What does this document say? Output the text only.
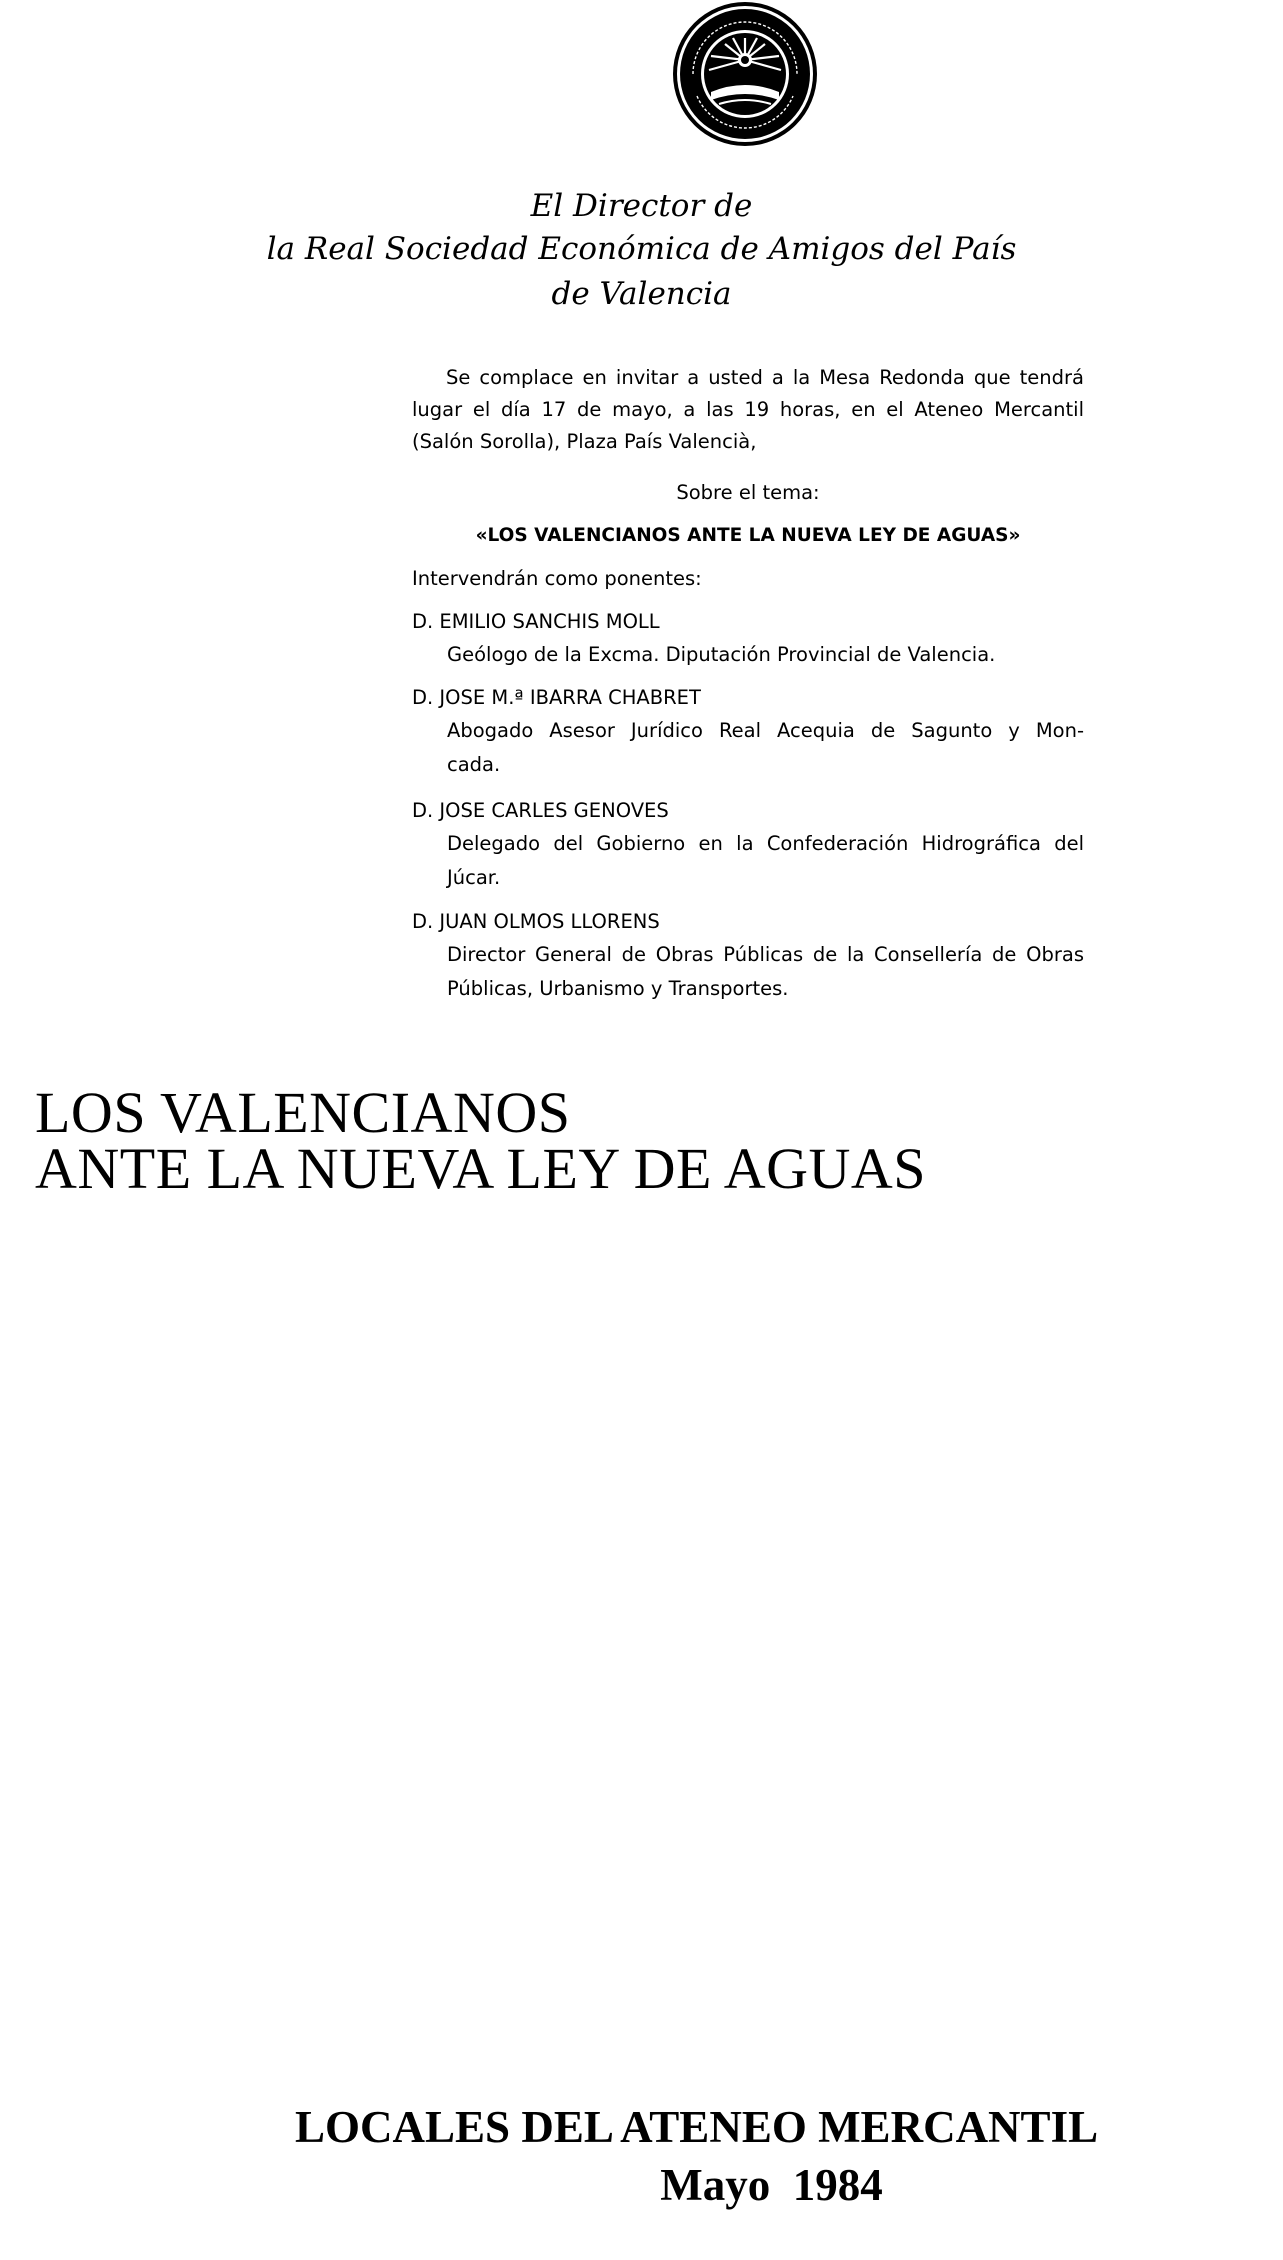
El Director de
la Real Sociedad Económica de Amigos del País
de Valencia
Se complace en invitar a usted a la Mesa Redonda que tendrá
lugar el día 17 de mayo, a las 19 horas, en el Ateneo Mercantil
(Salón Sorolla), Plaza País Valencià,
Sobre el tema:
«LOS VALENCIANOS ANTE LA NUEVA LEY DE AGUAS»
Intervendrán como ponentes:
D. EMILIO SANCHIS MOLL
Geólogo de la Excma. Diputación Provincial de Valencia.
D. JOSE M.ª IBARRA CHABRET
Abogado Asesor Jurídico Real Acequia de Sagunto y Mon-
cada.
D. JOSE CARLES GENOVES
Delegado del Gobierno en la Confederación Hidrográfica del
Júcar.
D. JUAN OLMOS LLORENS
Director General de Obras Públicas de la Consellería de Obras
Públicas, Urbanismo y Transportes.
LOS VALENCIANOS
ANTE LA NUEVA LEY DE AGUAS
LOCALES DEL ATENEO MERCANTIL
Mayo  1984
